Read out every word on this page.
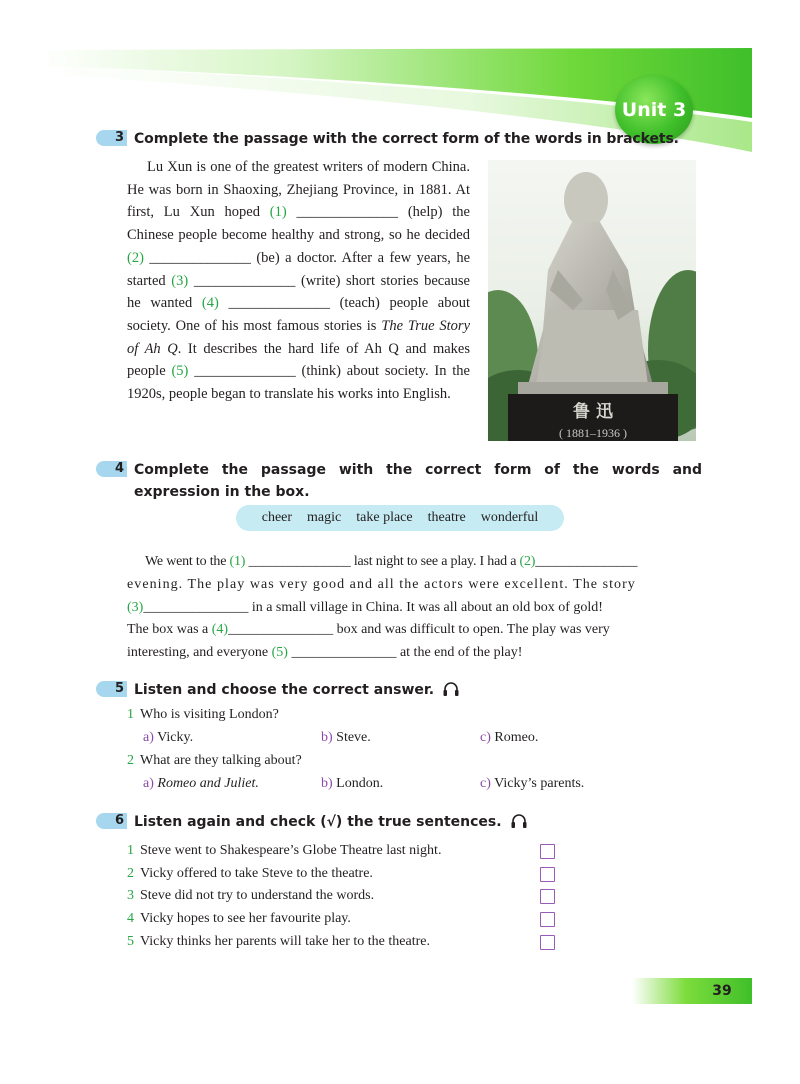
Unit 3
3 Complete the passage with the correct form of the words in brackets.

Lu Xun is one of the greatest writers of modern China. He was born in Shaoxing, Zhejiang Province, in 1881. At first, Lu Xun hoped (1) ______________ (help) the Chinese people become healthy and strong, so he decided (2) ______________ (be) a doctor. After a few years, he started (3) ______________ (write) short stories because he wanted (4) ______________ (teach) people about society. One of his most famous stories is The True Story of Ah Q. It describes the hard life of Ah Q and makes people (5) ______________ (think) about society. In the 1920s, people began to translate his works into English.

鲁 迅
( 1881–1936 )
4 Complete the passage with the correct form of the words and expression in the box.
cheer magic take place theatre wonderful
We went to the (1) _______________ last night to see a play. I had a (2)_______________
evening. The play was very good and all the actors were excellent. The story
(3)_______________ in a small village in China. It was all about an old box of gold!
The box was a (4)_______________ box and was difficult to open. The play was very
interesting, and everyone (5) _______________ at the end of the play!
5 Listen and choose the correct answer.
1 Who is visiting London?
a) Vicky.	b) Steve.	c) Romeo.
2 What are they talking about?
a) Romeo and Juliet.	b) London.	c) Vicky’s parents.
6 Listen again and check (√) the true sentences.
1 Steve went to Shakespeare’s Globe Theatre last night.
2 Vicky offered to take Steve to the theatre.
3 Steve did not try to understand the words.
4 Vicky hopes to see her favourite play.
5 Vicky thinks her parents will take her to the theatre.
39
